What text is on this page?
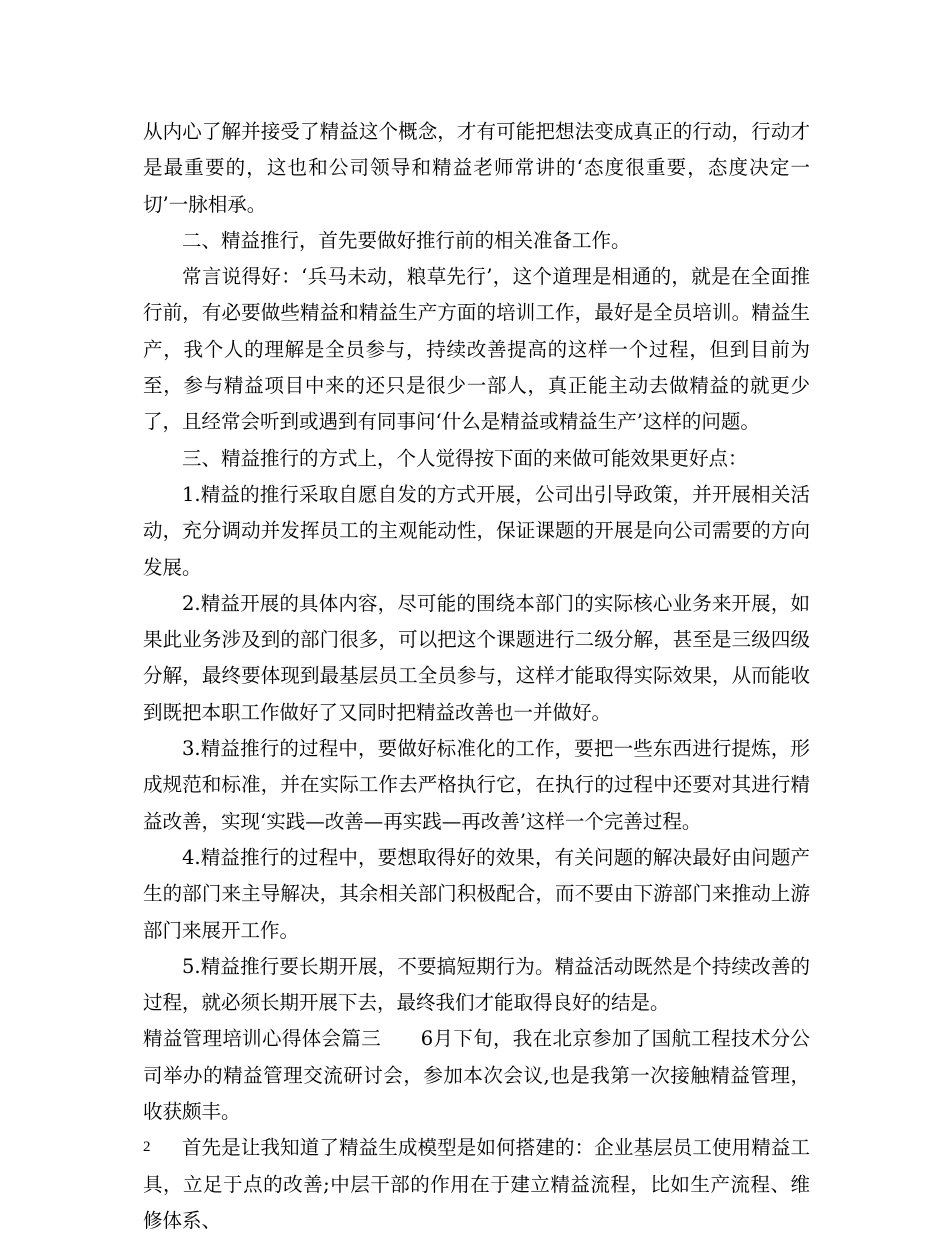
从内心了解并接受了精益这个概念，才有可能把想法变成真正的行动，行动才是最重要的，这也和公司领导和精益老师常讲的‘态度很重要，态度决定一切’一脉相承。

二、精益推行，首先要做好推行前的相关准备工作。

常言说得好：‘兵马未动，粮草先行’，这个道理是相通的，就是在全面推行前，有必要做些精益和精益生产方面的培训工作，最好是全员培训。精益生产，我个人的理解是全员参与，持续改善提高的这样一个过程，但到目前为至，参与精益项目中来的还只是很少一部人，真正能主动去做精益的就更少了，且经常会听到或遇到有同事问‘什么是精益或精益生产’这样的问题。

三、精益推行的方式上，个人觉得按下面的来做可能效果更好点：

1.精益的推行采取自愿自发的方式开展，公司出引导政策，并开展相关活动，充分调动并发挥员工的主观能动性，保证课题的开展是向公司需要的方向发展。

2.精益开展的具体内容，尽可能的围绕本部门的实际核心业务来开展，如果此业务涉及到的部门很多，可以把这个课题进行二级分解，甚至是三级四级分解，最终要体现到最基层员工全员参与，这样才能取得实际效果，从而能收到既把本职工作做好了又同时把精益改善也一并做好。

3.精益推行的过程中，要做好标准化的工作，要把一些东西进行提炼，形成规范和标准，并在实际工作去严格执行它，在执行的过程中还要对其进行精益改善，实现‘实践—改善—再实践—再改善’这样一个完善过程。

4.精益推行的过程中，要想取得好的效果，有关问题的解决最好由问题产生的部门来主导解决，其余相关部门积极配合，而不要由下游部门来推动上游部门来展开工作。

5.精益推行要长期开展，不要搞短期行为。精益活动既然是个持续改善的过程，就必须长期开展下去，最终我们才能取得良好的结是。

精益管理培训心得体会篇三　　6月下旬，我在北京参加了国航工程技术分公司举办的精益管理交流研讨会，参加本次会议,也是我第一次接触精益管理，收获颇丰。

首先是让我知道了精益生成模型是如何搭建的：企业基层员工使用精益工具，立足于点的改善;中层干部的作用在于建立精益流程，比如生产流程、维修体系、

2
